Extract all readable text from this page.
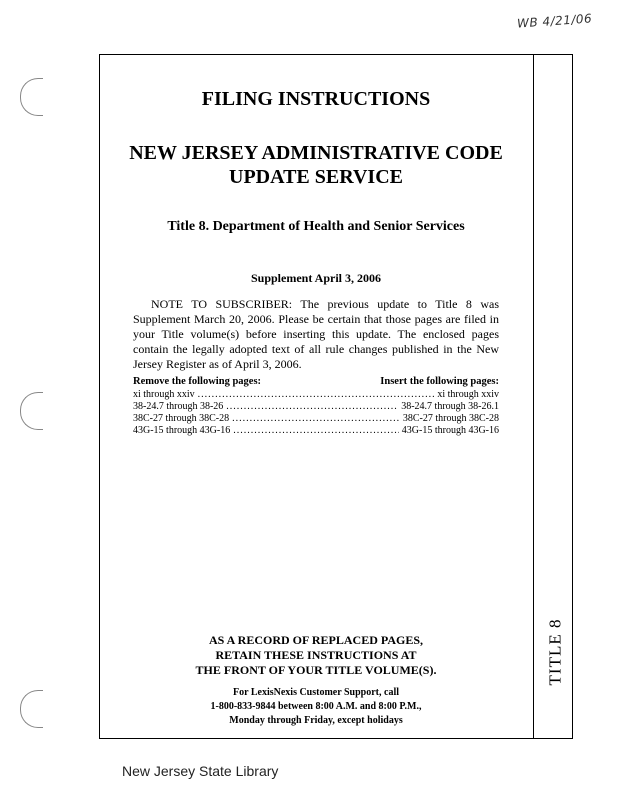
WB 4/21/06
TITLE 8
FILING INSTRUCTIONS
NEW JERSEY ADMINISTRATIVE CODE
UPDATE SERVICE
Title 8. Department of Health and Senior Services
Supplement April 3, 2006
NOTE TO SUBSCRIBER: The previous update to Title 8 was Supplement March 20, 2006. Please be certain that those pages are filed in your Title volume(s) before inserting this update. The enclosed pages contain the legally adopted text of all rule changes published in the New Jersey Register as of April 3, 2006.
Remove the following pages:	Insert the following pages:
xi through xxiv .....	xi through xxiv
38-24.7 through 38-26 .....	38-24.7 through 38-26.1
38C-27 through 38C-28 .....	38C-27 through 38C-28
43G-15 through 43G-16 .....	43G-15 through 43G-16
AS A RECORD OF REPLACED PAGES,
RETAIN THESE INSTRUCTIONS AT
THE FRONT OF YOUR TITLE VOLUME(S).
For LexisNexis Customer Support, call
1-800-833-9844 between 8:00 A.M. and 8:00 P.M.,
Monday through Friday, except holidays
New Jersey State Library
